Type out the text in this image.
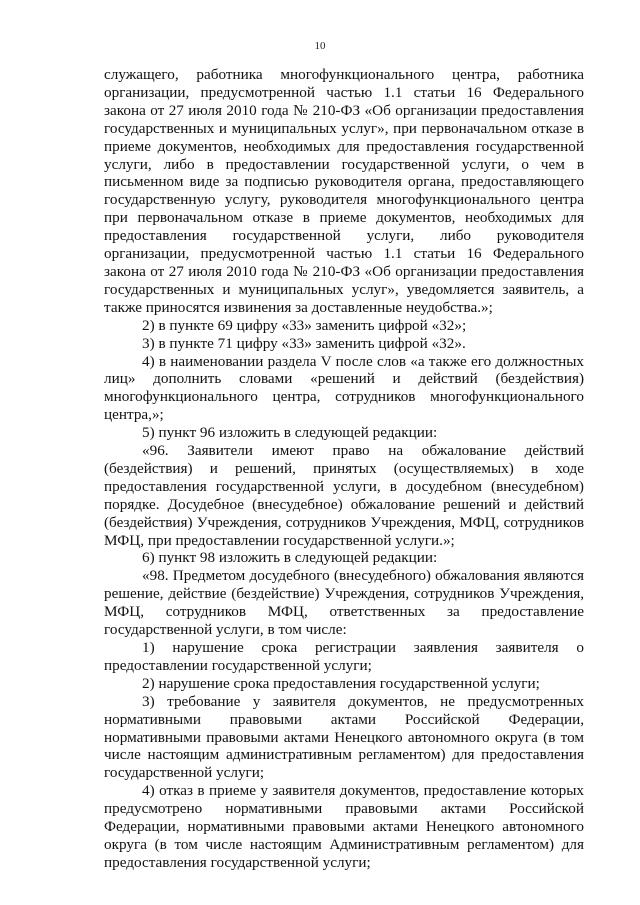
10

служащего, работника многофункционального центра, работника организации, предусмотренной частью 1.1 статьи 16 Федерального закона от 27 июля 2010 года № 210-ФЗ «Об организации предоставления государственных и муниципальных услуг», при первоначальном отказе в приеме документов, необходимых для предоставления государственной услуги, либо в предоставлении государственной услуги, о чем в письменном виде за подписью руководителя органа, предоставляющего государственную услугу, руководителя многофункционального центра при первоначальном отказе в приеме документов, необходимых для предоставления государственной услуги, либо руководителя организации, предусмотренной частью 1.1 статьи 16 Федерального закона от 27 июля 2010 года № 210-ФЗ «Об организации предоставления государственных и муниципальных услуг», уведомляется заявитель, а также приносятся извинения за доставленные неудобства.»;

2) в пункте 69 цифру «33» заменить цифрой «32»;

3) в пункте 71 цифру «33» заменить цифрой «32».

4) в наименовании раздела V после слов «а также его должностных лиц» дополнить словами «решений и действий (бездействия) многофункционального центра, сотрудников многофункционального центра,»;

5) пункт 96 изложить в следующей редакции:

«96. Заявители имеют право на обжалование действий (бездействия) и решений, принятых (осуществляемых) в ходе предоставления государственной услуги, в досудебном (внесудебном) порядке. Досудебное (внесудебное) обжалование решений и действий (бездействия) Учреждения, сотрудников Учреждения, МФЦ, сотрудников МФЦ, при предоставлении государственной услуги.»;

6) пункт 98 изложить в следующей редакции:

«98. Предметом досудебного (внесудебного) обжалования являются решение, действие (бездействие) Учреждения, сотрудников Учреждения, МФЦ, сотрудников МФЦ, ответственных за предоставление государственной услуги, в том числе:

1) нарушение срока регистрации заявления заявителя о предоставлении государственной услуги;

2) нарушение срока предоставления государственной услуги;

3) требование у заявителя документов, не предусмотренных нормативными правовыми актами Российской Федерации, нормативными правовыми актами Ненецкого автономного округа (в том числе настоящим административным регламентом) для предоставления государственной услуги;

4) отказ в приеме у заявителя документов, предоставление которых предусмотрено нормативными правовыми актами Российской Федерации, нормативными правовыми актами Ненецкого автономного округа (в том числе настоящим Административным регламентом) для предоставления государственной услуги;
